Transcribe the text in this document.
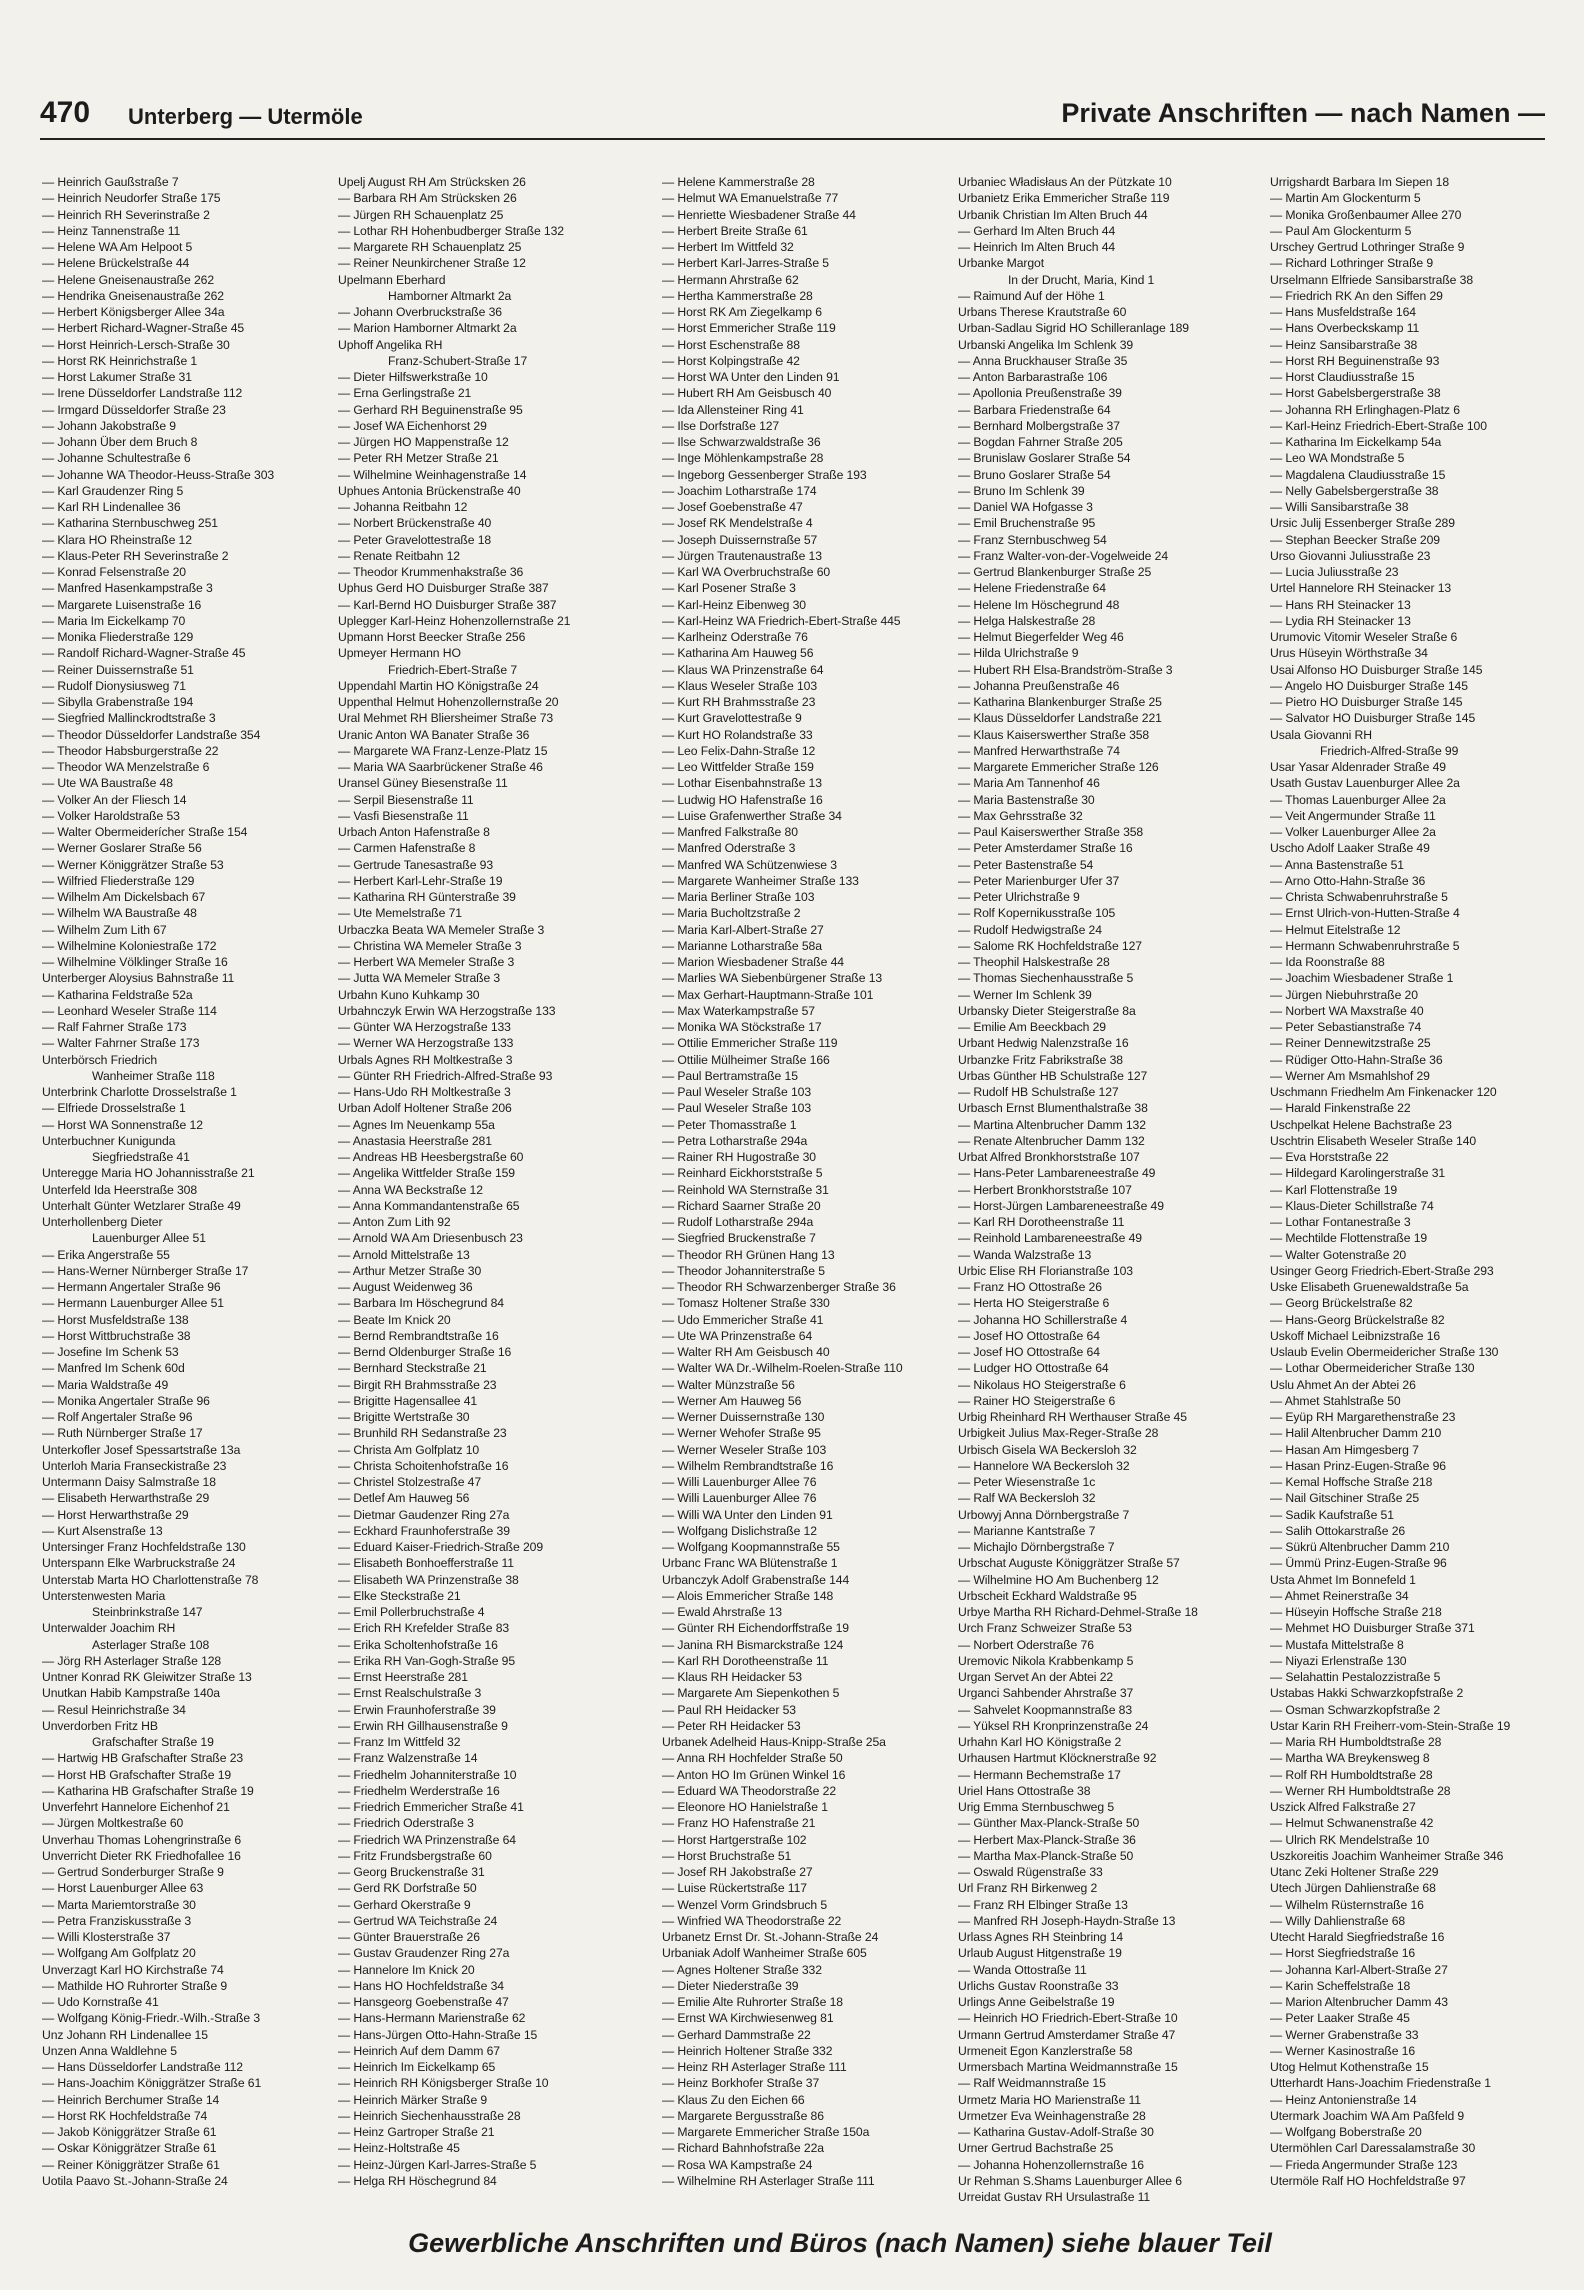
470 Unterberg — Utermöle	Private Anschriften — nach Namen —
— Heinrich Gaußstraße 7
— Heinrich Neudorfer Straße 175
— Heinrich RH Severinstraße 2
— Heinz Tannenstraße 11
— Helene WA Am Helpoot 5
— Helene Brückelstraße 44
— Helene Gneisenaustraße 262
— Hendrika Gneisenaustraße 262
— Herbert Königsberger Allee 34a
— Herbert Richard-Wagner-Straße 45
— Horst Heinrich-Lersch-Straße 30
— Horst RK Heinrichstraße 1
— Horst Lakumer Straße 31
— Irene Düsseldorfer Landstraße 112
— Irmgard Düsseldorfer Straße 23
— Johann Jakobstraße 9
— Johann Über dem Bruch 8
— Johanne Schultestraße 6
— Johanne WA Theodor-Heuss-Straße 303
— Karl Graudenzer Ring 5
— Karl RH Lindenallee 36
— Katharina Sternbuschweg 251
— Klara HO Rheinstraße 12
— Klaus-Peter RH Severinstraße 2
— Konrad Felsenstraße 20
— Manfred Hasenkampstraße 3
— Margarete Luisenstraße 16
— Maria Im Eickelkamp 70
— Monika Fliederstraße 129
— Randolf Richard-Wagner-Straße 45
— Reiner Duissernstraße 51
— Rudolf Dionysiusweg 71
— Sibylla Grabenstraße 194
— Siegfried Mallinckrodtstraße 3
— Theodor Düsseldorfer Landstraße 354
— Theodor Habsburgerstraße 22
— Theodor WA Menzelstraße 6
— Ute WA Baustraße 48
— Volker An der Fliesch 14
— Volker Haroldstraße 53
— Walter Obermeiderícher Straße 154
— Werner Goslarer Straße 56
— Werner Königgrätzer Straße 53
— Wilfried Fliederstraße 129
— Wilhelm Am Dickelsbach 67
— Wilhelm WA Baustraße 48
— Wilhelm Zum Lith 67
— Wilhelmine Koloniestraße 172
— Wilhelmine Völklinger Straße 16
Unterberger Aloysius Bahnstraße 11
— Katharina Feldstraße 52a
— Leonhard Weseler Straße 114
— Ralf Fahrner Straße 173
— Walter Fahrner Straße 173
Unterbörsch Friedrich
Wanheimer Straße 118
Unterbrink Charlotte Drosselstraße 1
— Elfriede Drosselstraße 1
— Horst WA Sonnenstraße 12
Unterbuchner Kunigunda
Siegfriedstraße 41
Unteregge Maria HO Johannisstraße 21
Unterfeld Ida Heerstraße 308
Unterhalt Günter Wetzlarer Straße 49
Unterhollenberg Dieter
Lauenburger Allee 51
— Erika Angerstraße 55
— Hans-Werner Nürnberger Straße 17
— Hermann Angertaler Straße 96
— Hermann Lauenburger Allee 51
— Horst Musfeldstraße 138
— Horst Wittbruchstraße 38
— Josefine Im Schenk 53
— Manfred Im Schenk 60d
— Maria Waldstraße 49
— Monika Angertaler Straße 96
— Rolf Angertaler Straße 96
— Ruth Nürnberger Straße 17
Unterkofler Josef Spessartstraße 13a
Unterloh Maria Franseckistraße 23
Untermann Daisy Salmstraße 18
— Elisabeth Herwarthstraße 29
— Horst Herwarthstraße 29
— Kurt Alsenstraße 13
Untersinger Franz Hochfeldstraße 130
Unterspann Elke Warbruckstraße 24
Unterstab Marta HO Charlottenstraße 78
Unterstenwesten Maria
Steinbrinkstraße 147
Unterwalder Joachim RH
Asterlager Straße 108
— Jörg RH Asterlager Straße 128
Untner Konrad RK Gleiwitzer Straße 13
Unutkan Habib Kampstraße 140a
— Resul Heinrichstraße 34
Unverdorben Fritz HB
Grafschafter Straße 19
— Hartwig HB Grafschafter Straße 23
— Horst HB Grafschafter Straße 19
— Katharina HB Grafschafter Straße 19
Unverfehrt Hannelore Eichenhof 21
— Jürgen Moltkestraße 60
Unverhau Thomas Lohengrinstraße 6
Unverricht Dieter RK Friedhofallee 16
— Gertrud Sonderburger Straße 9
— Horst Lauenburger Allee 63
— Marta Mariemtorstraße 30
— Petra Franziskusstraße 3
— Willi Klosterstraße 37
— Wolfgang Am Golfplatz 20
Unverzagt Karl HO Kirchstraße 74
— Mathilde HO Ruhrorter Straße 9
— Udo Kornstraße 41
— Wolfgang König-Friedr.-Wilh.-Straße 3
Unz Johann RH Lindenallee 15
Unzen Anna Waldlehne 5
— Hans Düsseldorfer Landstraße 112
— Hans-Joachim Königgrätzer Straße 61
— Heinrich Berchumer Straße 14
— Horst RK Hochfeldstraße 74
— Jakob Königgrätzer Straße 61
— Oskar Königgrätzer Straße 61
— Reiner Königgrätzer Straße 61
Uotila Paavo St.-Johann-Straße 24
Upelj August RH Am Strücksken 26
— Barbara RH Am Strücksken 26
— Jürgen RH Schauenplatz 25
— Lothar RH Hohenbudberger Straße 132
— Margarete RH Schauenplatz 25
— Reiner Neunkirchener Straße 12
Upelmann Eberhard
Hamborner Altmarkt 2a
— Johann Overbruckstraße 36
— Marion Hamborner Altmarkt 2a
Uphoff Angelika RH
Franz-Schubert-Straße 17
— Dieter Hilfswerkstraße 10
— Erna Gerlingstraße 21
— Gerhard RH Beguinenstraße 95
— Josef WA Eichenhorst 29
— Jürgen HO Mappenstraße 12
— Peter RH Metzer Straße 21
— Wilhelmine Weinhagenstraße 14
Uphues Antonia Brückenstraße 40
— Johanna Reitbahn 12
— Norbert Brückenstraße 40
— Peter Gravelottestraße 18
— Renate Reitbahn 12
— Theodor Krummenhakstraße 36
Uphus Gerd HO Duisburger Straße 387
— Karl-Bernd HO Duisburger Straße 387
Uplegger Karl-Heinz Hohenzollernstraße 21
Upmann Horst Beecker Straße 256
Upmeyer Hermann HO
Friedrich-Ebert-Straße 7
Uppendahl Martin HO Königstraße 24
Uppenthal Helmut Hohenzollernstraße 20
Ural Mehmet RH Bliersheimer Straße 73
Uranic Anton WA Banater Straße 36
— Margarete WA Franz-Lenze-Platz 15
— Maria WA Saarbrückener Straße 46
Uransel Güney Biesenstraße 11
— Serpil Biesenstraße 11
— Vasfi Biesenstraße 11
Urbach Anton Hafenstraße 8
— Carmen Hafenstraße 8
— Gertrude Tanesastraße 93
— Herbert Karl-Lehr-Straße 19
— Katharina RH Günterstraße 39
— Ute Memelstraße 71
Urbaczka Beata WA Memeler Straße 3
— Christina WA Memeler Straße 3
— Herbert WA Memeler Straße 3
— Jutta WA Memeler Straße 3
Urbahn Kuno Kuhkamp 30
Urbahnczyk Erwin WA Herzogstraße 133
— Günter WA Herzogstraße 133
— Werner WA Herzogstraße 133
Urbals Agnes RH Moltkestraße 3
— Günter RH Friedrich-Alfred-Straße 93
— Hans-Udo RH Moltkestraße 3
Urban Adolf Holtener Straße 206
— Agnes Im Neuenkamp 55a
— Anastasia Heerstraße 281
— Andreas HB Heesbergstraße 60
— Angelika Wittfelder Straße 159
— Anna WA Beckstraße 12
— Anna Kommandantenstraße 65
— Anton Zum Lith 92
— Arnold WA Am Driesenbusch 23
— Arnold Mittelstraße 13
— Arthur Metzer Straße 30
— August Weidenweg 36
— Barbara Im Höschegrund 84
— Beate Im Knick 20
— Bernd Rembrandtstraße 16
— Bernd Oldenburger Straße 16
— Bernhard Steckstraße 21
— Birgit RH Brahmsstraße 23
— Brigitte Hagensallee 41
— Brigitte Wertstraße 30
— Brunhild RH Sedanstraße 23
— Christa Am Golfplatz 10
— Christa Schoitenhofstraße 16
— Christel Stolzestraße 47
— Detlef Am Hauweg 56
— Dietmar Gaudenzer Ring 27a
— Eckhard Fraunhoferstraße 39
— Eduard Kaiser-Friedrich-Straße 209
— Elisabeth Bonhoefferstraße 11
— Elisabeth WA Prinzenstraße 38
— Elke Steckstraße 21
— Emil Pollerbruchstraße 4
— Erich RH Krefelder Straße 83
— Erika Scholtenhofstraße 16
— Erika RH Van-Gogh-Straße 95
— Ernst Heerstraße 281
— Ernst Realschulstraße 3
— Erwin Fraunhoferstraße 39
— Erwin RH Gillhausenstraße 9
— Franz Im Wittfeld 32
— Franz Walzenstraße 14
— Friedhelm Johanniterstraße 10
— Friedhelm Werderstraße 16
— Friedrich Emmericher Straße 41
— Friedrich Oderstraße 3
— Friedrich WA Prinzenstraße 64
— Fritz Frundsbergstraße 60
— Georg Bruckenstraße 31
— Gerd RK Dorfstraße 50
— Gerhard Okerstraße 9
— Gertrud WA Teichstraße 24
— Günter Brauerstraße 26
— Gustav Graudenzer Ring 27a
— Hannelore Im Knick 20
— Hans HO Hochfeldstraße 34
— Hansgeorg Goebenstraße 47
— Hans-Hermann Marienstraße 62
— Hans-Jürgen Otto-Hahn-Straße 15
— Heinrich Auf dem Damm 67
— Heinrich Im Eickelkamp 65
— Heinrich RH Königsberger Straße 10
— Heinrich Märker Straße 9
— Heinrich Siechenhausstraße 28
— Heinz Gartroper Straße 21
— Heinz-Holtstraße 45
— Heinz-Jürgen Karl-Jarres-Straße 5
— Helga RH Höschegrund 84
— Helene Kammerstraße 28
— Helmut WA Emanuelstraße 77
— Henriette Wiesbadener Straße 44
— Herbert Breite Straße 61
— Herbert Im Wittfeld 32
— Herbert Karl-Jarres-Straße 5
— Hermann Ahrstraße 62
— Hertha Kammerstraße 28
— Horst RK Am Ziegelkamp 6
— Horst Emmericher Straße 119
— Horst Eschenstraße 88
— Horst Kolpingstraße 42
— Horst WA Unter den Linden 91
— Hubert RH Am Geisbusch 40
— Ida Allensteiner Ring 41
— Ilse Dorfstraße 127
— Ilse Schwarzwaldstraße 36
— Inge Möhlenkampstraße 28
— Ingeborg Gessenberger Straße 193
— Joachim Lotharstraße 174
— Josef Goebenstraße 47
— Josef RK Mendelstraße 4
— Joseph Duissernstraße 57
— Jürgen Trautenaustraße 13
— Karl WA Overbruchstraße 60
— Karl Posener Straße 3
— Karl-Heinz Eibenweg 30
— Karl-Heinz WA Friedrich-Ebert-Straße 445
— Karlheinz Oderstraße 76
— Katharina Am Hauweg 56
— Klaus WA Prinzenstraße 64
— Klaus Weseler Straße 103
— Kurt RH Brahmsstraße 23
— Kurt Gravelottestraße 9
— Kurt HO Rolandstraße 33
— Leo Felix-Dahn-Straße 12
— Leo Wittfelder Straße 159
— Lothar Eisenbahnstraße 13
— Ludwig HO Hafenstraße 16
— Luise Grafenwerther Straße 34
— Manfred Falkstraße 80
— Manfred Oderstraße 3
— Manfred WA Schützenwiese 3
— Margarete Wanheimer Straße 133
— Maria Berliner Straße 103
— Maria Bucholtzstraße 2
— Maria Karl-Albert-Straße 27
— Marianne Lotharstraße 58a
— Marion Wiesbadener Straße 44
— Marlies WA Siebenbürgener Straße 13
— Max Gerhart-Hauptmann-Straße 101
— Max Waterkampstraße 57
— Monika WA Stöckstraße 17
— Ottilie Emmericher Straße 119
— Ottilie Mülheimer Straße 166
— Paul Bertramstraße 15
— Paul Weseler Straße 103
— Paul Weseler Straße 103
— Peter Thomasstraße 1
— Petra Lotharstraße 294a
— Rainer RH Hugostraße 30
— Reinhard Eickhorststraße 5
— Reinhold WA Sternstraße 31
— Richard Saarner Straße 20
— Rudolf Lotharstraße 294a
— Siegfried Bruckenstraße 7
— Theodor RH Grünen Hang 13
— Theodor Johanniterstraße 5
— Theodor RH Schwarzenberger Straße 36
— Tomasz Holtener Straße 330
— Udo Emmericher Straße 41
— Ute WA Prinzenstraße 64
— Walter RH Am Geisbusch 40
— Walter WA Dr.-Wilhelm-Roelen-Straße 110
— Walter Münzstraße 56
— Werner Am Hauweg 56
— Werner Duissernstraße 130
— Werner Wehofer Straße 95
— Werner Weseler Straße 103
— Wilhelm Rembrandtstraße 16
— Willi Lauenburger Allee 76
— Willi Lauenburger Allee 76
— Willi WA Unter den Linden 91
— Wolfgang Dislichstraße 12
— Wolfgang Koopmannstraße 55
Urbanc Franc WA Blütenstraße 1
Urbanczyk Adolf Grabenstraße 144
— Alois Emmericher Straße 148
— Ewald Ahrstraße 13
— Günter RH Eichendorffstraße 19
— Janina RH Bismarckstraße 124
— Karl RH Dorotheenstraße 11
— Klaus RH Heidacker 53
— Margarete Am Siepenkothen 5
— Paul RH Heidacker 53
— Peter RH Heidacker 53
Urbanek Adelheid Haus-Knipp-Straße 25a
— Anna RH Hochfelder Straße 50
— Anton HO Im Grünen Winkel 16
— Eduard WA Theodorstraße 22
— Eleonore HO Hanielstraße 1
— Franz HO Hafenstraße 21
— Horst Hartgerstraße 102
— Horst Bruchstraße 51
— Josef RH Jakobstraße 27
— Luise Rückertstraße 117
— Wenzel Vorm Grindsbruch 5
— Winfried WA Theodorstraße 22
Urbanetz Ernst Dr. St.-Johann-Straße 24
Urbaniak Adolf Wanheimer Straße 605
— Agnes Holtener Straße 332
— Dieter Niederstraße 39
— Emilie Alte Ruhrorter Straße 18
— Ernst WA Kirchwiesenweg 81
— Gerhard Dammstraße 22
— Heinrich Holtener Straße 332
— Heinz RH Asterlager Straße 111
— Heinz Borkhofer Straße 37
— Klaus Zu den Eichen 66
— Margarete Bergusstraße 86
— Margarete Emmericher Straße 150a
— Richard Bahnhofstraße 22a
— Rosa WA Kampstraße 24
— Wilhelmine RH Asterlager Straße 111
Urbaniec Władisłaus An der Pützkate 10
Urbanietz Erika Emmericher Straße 119
Urbanik Christian Im Alten Bruch 44
— Gerhard Im Alten Bruch 44
— Heinrich Im Alten Bruch 44
Urbanke Margot
In der Drucht, Maria, Kind 1
— Raimund Auf der Höhe 1
Urbans Therese Krautstraße 60
Urban-Sadlau Sigrid HO Schilleranlage 189
Urbanski Angelika Im Schlenk 39
— Anna Bruckhauser Straße 35
— Anton Barbarastraße 106
— Apollonia Preußenstraße 39
— Barbara Friedenstraße 64
— Bernhard Molbergstraße 37
— Bogdan Fahrner Straße 205
— Brunislaw Goslarer Straße 54
— Bruno Goslarer Straße 54
— Bruno Im Schlenk 39
— Daniel WA Hofgasse 3
— Emil Bruchenstraße 95
— Franz Sternbuschweg 54
— Franz Walter-von-der-Vogelweide 24
— Gertrud Blankenburger Straße 25
— Helene Friedenstraße 64
— Helene Im Höschegrund 48
— Helga Halskestraße 28
— Helmut Biegerfelder Weg 46
— Hilda Ulrichstraße 9
— Hubert RH Elsa-Brandström-Straße 3
— Johanna Preußenstraße 46
— Katharina Blankenburger Straße 25
— Klaus Düsseldorfer Landstraße 221
— Klaus Kaiserswerther Straße 358
— Manfred Herwarthstraße 74
— Margarete Emmericher Straße 126
— Maria Am Tannenhof 46
— Maria Bastenstraße 30
— Max Gehrsstraße 32
— Paul Kaiserswerther Straße 358
— Peter Amsterdamer Straße 16
— Peter Bastenstraße 54
— Peter Marienburger Ufer 37
— Peter Ulrichstraße 9
— Rolf Kopernikusstraße 105
— Rudolf Hedwigstraße 24
— Salome RK Hochfeldstraße 127
— Theophil Halskestraße 28
— Thomas Siechenhausstraße 5
— Werner Im Schlenk 39
Urbansky Dieter Steigerstraße 8a
— Emilie Am Beeckbach 29
Urbant Hedwig Nalenzstraße 16
Urbanzke Fritz Fabrikstraße 38
Urbas Günther HB Schulstraße 127
— Rudolf HB Schulstraße 127
Urbasch Ernst Blumenthalstraße 38
— Martina Altenbrucher Damm 132
— Renate Altenbrucher Damm 132
Urbat Alfred Bronkhorststraße 107
— Hans-Peter Lambareneestraße 49
— Herbert Bronkhorststraße 107
— Horst-Jürgen Lambareneestraße 49
— Karl RH Dorotheenstraße 11
— Reinhold Lambareneestraße 49
— Wanda Walzstraße 13
Urbic Elise RH Florianstraße 103
— Franz HO Ottostraße 26
— Herta HO Steigerstraße 6
— Johanna HO Schillerstraße 4
— Josef HO Ottostraße 64
— Josef HO Ottostraße 64
— Ludger HO Ottostraße 64
— Nikolaus HO Steigerstraße 6
— Rainer HO Steigerstraße 6
Urbig Rheinhard RH Werthauser Straße 45
Urbigkeit Julius Max-Reger-Straße 28
Urbisch Gisela WA Beckersloh 32
— Hannelore WA Beckersloh 32
— Peter Wiesenstraße 1c
— Ralf WA Beckersloh 32
Urbowyj Anna Dörnbergstraße 7
— Marianne Kantstraße 7
— Michajlo Dörnbergstraße 7
Urbschat Auguste Königgrätzer Straße 57
— Wilhelmine HO Am Buchenberg 12
Urbscheit Eckhard Waldstraße 95
Urbye Martha RH Richard-Dehmel-Straße 18
Urch Franz Schweizer Straße 53
— Norbert Oderstraße 76
Uremovic Nikola Krabbenkamp 5
Urgan Servet An der Abtei 22
Urganci Sahbender Ahrstraße 37
— Sahvelet Koopmannstraße 83
— Yüksel RH Kronprinzenstraße 24
Urhahn Karl HO Königstraße 2
Urhausen Hartmut Klöcknerstraße 92
— Hermann Bechemstraße 17
Uriel Hans Ottostraße 38
Urig Emma Sternbuschweg 5
— Günther Max-Planck-Straße 50
— Herbert Max-Planck-Straße 36
— Martha Max-Planck-Straße 50
— Oswald Rügenstraße 33
Url Franz RH Birkenweg 2
— Franz RH Elbinger Straße 13
— Manfred RH Joseph-Haydn-Straße 13
Urlass Agnes RH Steinbring 14
Urlaub August Hitgenstraße 19
— Wanda Ottostraße 11
Urlichs Gustav Roonstraße 33
Urlings Anne Geibelstraße 19
— Heinrich HO Friedrich-Ebert-Straße 10
Urmann Gertrud Amsterdamer Straße 47
Urmeneit Egon Kanzlerstraße 58
Urmersbach Martina Weidmannstraße 15
— Ralf Weidmannstraße 15
Urmetz Maria HO Marienstraße 11
Urmetzer Eva Weinhagenstraße 28
— Katharina Gustav-Adolf-Straße 30
Urner Gertrud Bachstraße 25
— Johanna Hohenzollernstraße 16
Ur Rehman S.Shams Lauenburger Allee 6
Urreidat Gustav RH Ursulastraße 11
Urrigshardt Barbara Im Siepen 18
— Martin Am Glockenturm 5
— Monika Großenbaumer Allee 270
— Paul Am Glockenturm 5
Urschey Gertrud Lothringer Straße 9
— Richard Lothringer Straße 9
Urselmann Elfriede Sansibarstraße 38
— Friedrich RK An den Siffen 29
— Hans Musfeldstraße 164
— Hans Overbeckskamp 11
— Heinz Sansibarstraße 38
— Horst RH Beguinenstraße 93
— Horst Claudiusstraße 15
— Horst Gabelsbergerstraße 38
— Johanna RH Erlinghagen-Platz 6
— Karl-Heinz Friedrich-Ebert-Straße 100
— Katharina Im Eickelkamp 54a
— Leo WA Mondstraße 5
— Magdalena Claudiusstraße 15
— Nelly Gabelsbergerstraße 38
— Willi Sansibarstraße 38
Ursic Julij Essenberger Straße 289
— Stephan Beecker Straße 209
Urso Giovanni Juliusstraße 23
— Lucia Juliusstraße 23
Urtel Hannelore RH Steinacker 13
— Hans RH Steinacker 13
— Lydia RH Steinacker 13
Urumovic Vitomir Weseler Straße 6
Urus Hüseyin Wörthstraße 34
Usai Alfonso HO Duisburger Straße 145
— Angelo HO Duisburger Straße 145
— Pietro HO Duisburger Straße 145
— Salvator HO Duisburger Straße 145
Usala Giovanni RH
Friedrich-Alfred-Straße 99
Usar Yasar Aldenrader Straße 49
Usath Gustav Lauenburger Allee 2a
— Thomas Lauenburger Allee 2a
— Veit Angermunder Straße 11
— Volker Lauenburger Allee 2a
Uscho Adolf Laaker Straße 49
— Anna Bastenstraße 51
— Arno Otto-Hahn-Straße 36
— Christa Schwabenruhrstraße 5
— Ernst Ulrich-von-Hutten-Straße 4
— Helmut Eitelstraße 12
— Hermann Schwabenruhrstraße 5
— Ida Roonstraße 88
— Joachim Wiesbadener Straße 1
— Jürgen Niebuhrstraße 20
— Norbert WA Maxstraße 40
— Peter Sebastianstraße 74
— Reiner Dennewitzstraße 25
— Rüdiger Otto-Hahn-Straße 36
— Werner Am Msmahlshof 29
Uschmann Friedhelm Am Finkenacker 120
— Harald Finkenstraße 22
Uschpelkat Helene Bachstraße 23
Uschtrin Elisabeth Weseler Straße 140
— Eva Horststraße 22
— Hildegard Karolingerstraße 31
— Karl Flottenstraße 19
— Klaus-Dieter Schillstraße 74
— Lothar Fontanestraße 3
— Mechtilde Flottenstraße 19
— Walter Gotenstraße 20
Usinger Georg Friedrich-Ebert-Straße 293
Uske Elisabeth Gruenewaldstraße 5a
— Georg Brückelstraße 82
— Hans-Georg Brückelstraße 82
Uskoff Michael Leibnizstraße 16
Uslaub Evelin Obermeidericher Straße 130
— Lothar Obermeidericher Straße 130
Uslu Ahmet An der Abtei 26
— Ahmet Stahlstraße 50
— Eyüp RH Margarethenstraße 23
— Halil Altenbrucher Damm 210
— Hasan Am Himgesberg 7
— Hasan Prinz-Eugen-Straße 96
— Kemal Hoffsche Straße 218
— Nail Gitschiner Straße 25
— Sadik Kaufstraße 51
— Salih Ottokarstraße 26
— Sükrü Altenbrucher Damm 210
— Ümmü Prinz-Eugen-Straße 96
Usta Ahmet Im Bonnefeld 1
— Ahmet Reinerstraße 34
— Hüseyin Hoffsche Straße 218
— Mehmet HO Duisburger Straße 371
— Mustafa Mittelstraße 8
— Niyazi Erlenstraße 130
— Selahattin Pestalozzistraße 5
Ustabas Hakki Schwarzkopfstraße 2
— Osman Schwarzkopfstraße 2
Ustar Karin RH Freiherr-vom-Stein-Straße 19
— Maria RH Humboldtstraße 28
— Martha WA Breykensweg 8
— Rolf RH Humboldtstraße 28
— Werner RH Humboldtstraße 28
Uszick Alfred Falkstraße 27
— Helmut Schwanenstraße 42
— Ulrich RK Mendelstraße 10
Uszkoreitis Joachim Wanheimer Straße 346
Utanc Zeki Holtener Straße 229
Utech Jürgen Dahlienstraße 68
— Wilhelm Rüsternstraße 16
— Willy Dahlienstraße 68
Utecht Harald Siegfriedstraße 16
— Horst Siegfriedstraße 16
— Johanna Karl-Albert-Straße 27
— Karin Scheffelstraße 18
— Marion Altenbrucher Damm 43
— Peter Laaker Straße 45
— Werner Grabenstraße 33
— Werner Kasinostraße 16
Utog Helmut Kothenstraße 15
Utterhardt Hans-Joachim Friedenstraße 1
— Heinz Antonienstraße 14
Utermark Joachim WA Am Paßfeld 9
— Wolfgang Boberstraße 20
Utermöhlen Carl Daressalamstraße 30
— Frieda Angermunder Straße 123
Utermöle Ralf HO Hochfeldstraße 97
Gewerbliche Anschriften und Büros (nach Namen) siehe blauer Teil
